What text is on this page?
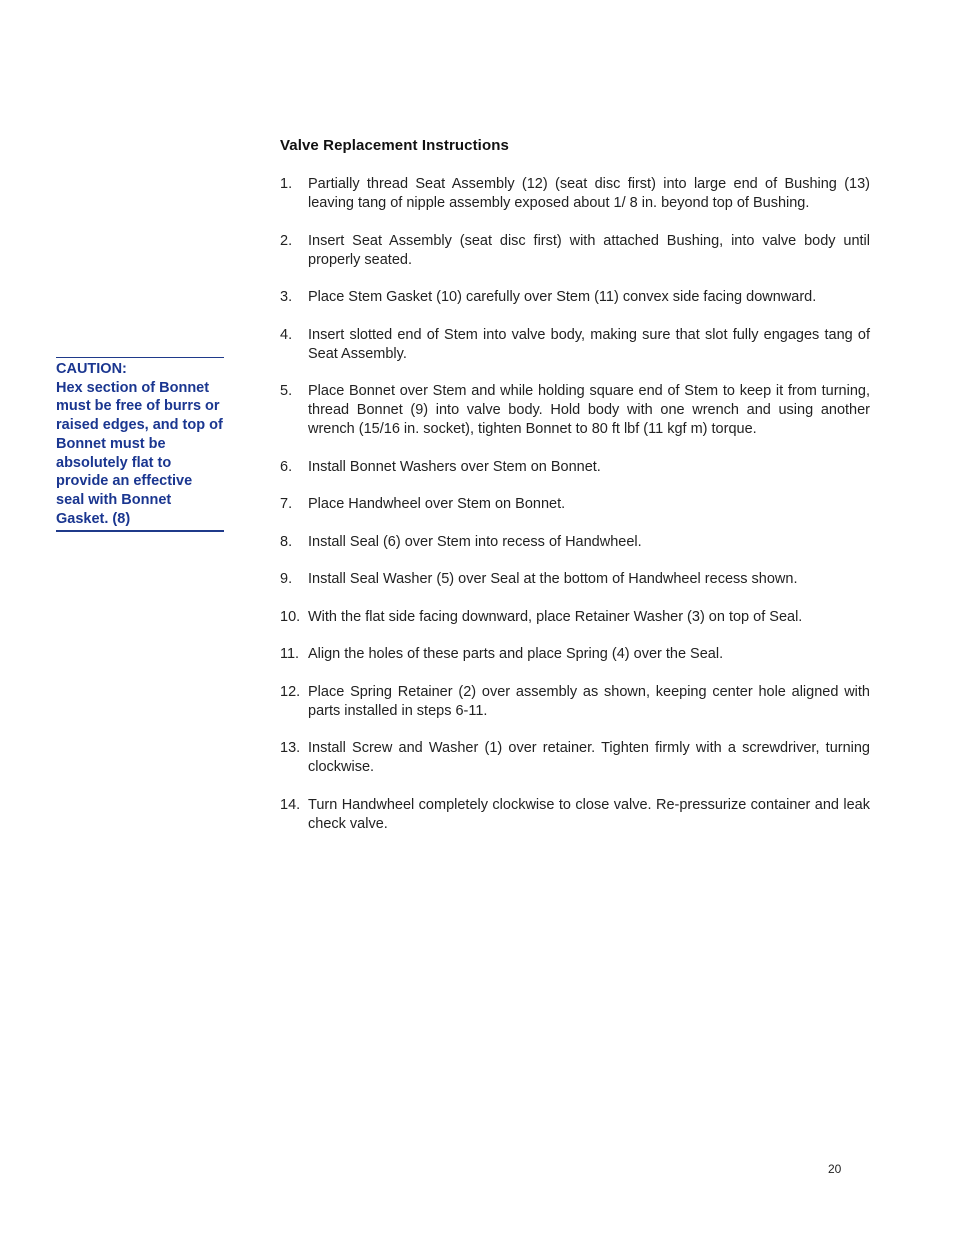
Valve Replacement Instructions
CAUTION:
Hex section of Bonnet must be free of burrs or raised edges, and top of Bonnet must be absolutely flat to provide an effective seal with Bonnet Gasket. (8)
1.	Partially thread Seat Assembly (12) (seat disc first) into large end of Bushing (13) leaving tang of nipple assembly exposed about 1/ 8 in. beyond top of Bushing.
2.	Insert Seat Assembly (seat disc first) with attached Bushing, into valve body until properly seated.
3.	Place Stem Gasket (10) carefully over Stem (11) convex side facing downward.
4.	Insert slotted end of Stem into valve body, making sure that slot fully engages tang of Seat Assembly.
5.	Place Bonnet over Stem and while holding square end of Stem to keep it from turning, thread Bonnet (9) into valve body. Hold body with one wrench and using another wrench (15/16 in. socket), tighten Bonnet to 80 ft lbf (11 kgf m) torque.
6.	Install Bonnet Washers over Stem on Bonnet.
7.	Place Handwheel over Stem on Bonnet.
8.	Install Seal (6) over Stem into recess of Handwheel.
9.	Install Seal Washer (5) over Seal at the bottom of Handwheel recess shown.
10. With the flat side facing downward, place Retainer Washer (3) on top of Seal.
11. Align the holes of these parts and place Spring (4) over the Seal.
12. Place Spring Retainer (2) over assembly as shown, keeping center hole aligned with parts installed in steps 6-11.
13. Install Screw and Washer (1) over retainer. Tighten firmly with a screwdriver, turning clockwise.
14. Turn Handwheel completely clockwise to close valve. Re-pressurize container and leak check valve.
20
